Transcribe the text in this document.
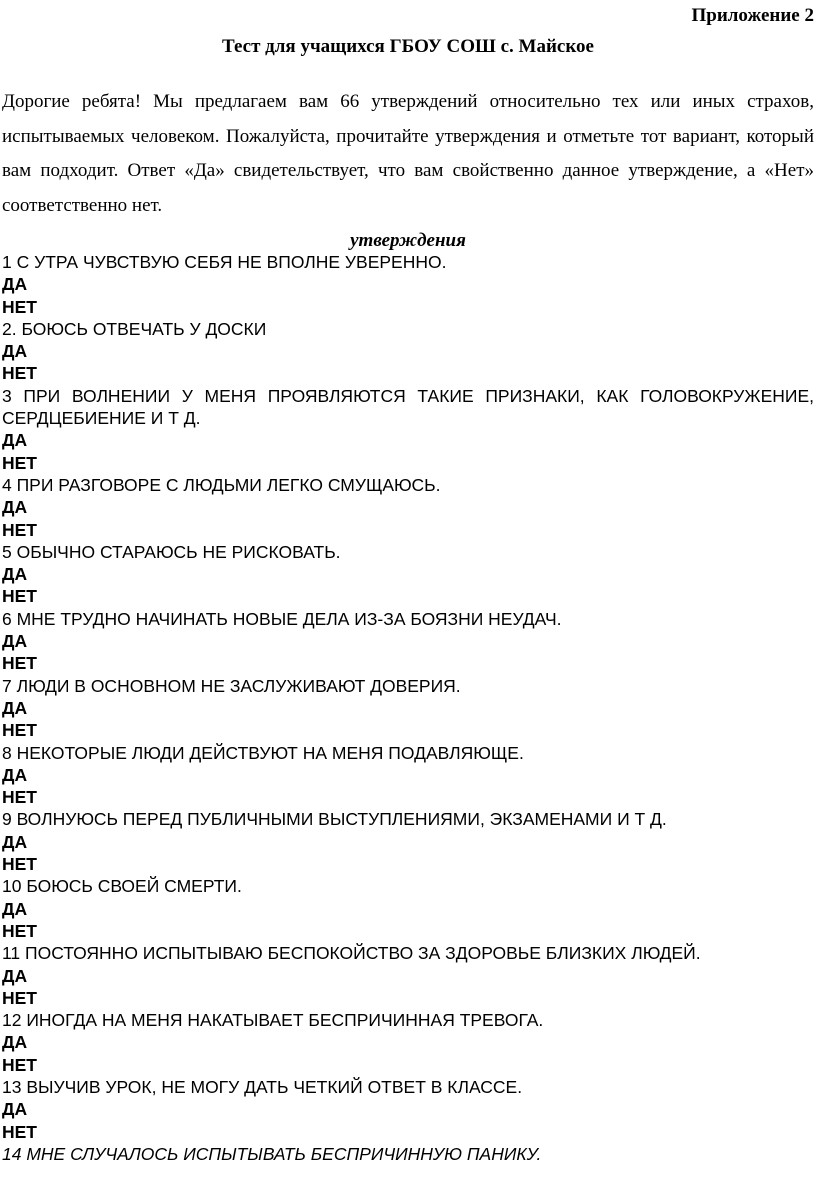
Приложение 2
Тест для учащихся ГБОУ СОШ с. Майское

Дорогие ребята! Мы предлагаем вам 66 утверждений относительно тех или иных страхов, испытываемых человеком. Пожалуйста, прочитайте утверждения и отметьте тот вариант, который вам подходит. Ответ «Да» свидетельствует, что вам свойственно данное утверждение, а «Нет» соответственно нет.

утверждения

1 С УТРА ЧУВСТВУЮ СЕБЯ НЕ ВПОЛНЕ УВЕРЕННО.

ДА

НЕТ

2. БОЮСЬ ОТВЕЧАТЬ У ДОСКИ

ДА

НЕТ

3 ПРИ ВОЛНЕНИИ У МЕНЯ ПРОЯВЛЯЮТСЯ ТАКИЕ ПРИЗНАКИ, КАК ГОЛОВОКРУЖЕНИЕ, СЕРДЦЕБИЕНИЕ И Т Д.

ДА

НЕТ

4 ПРИ РАЗГОВОРЕ С ЛЮДЬМИ ЛЕГКО СМУЩАЮСЬ.

ДА

НЕТ

5 ОБЫЧНО СТАРАЮСЬ НЕ РИСКОВАТЬ.

ДА

НЕТ

6 МНЕ ТРУДНО НАЧИНАТЬ НОВЫЕ ДЕЛА ИЗ-ЗА БОЯЗНИ НЕУДАЧ.

ДА

НЕТ

7 ЛЮДИ В ОСНОВНОМ НЕ ЗАСЛУЖИВАЮТ ДОВЕРИЯ.

ДА

НЕТ

8 НЕКОТОРЫЕ ЛЮДИ ДЕЙСТВУЮТ НА МЕНЯ ПОДАВЛЯЮЩЕ.

ДА

НЕТ

9 ВОЛНУЮСЬ ПЕРЕД ПУБЛИЧНЫМИ ВЫСТУПЛЕНИЯМИ, ЭКЗАМЕНАМИ И Т Д.

ДА

НЕТ

10 БОЮСЬ СВОЕЙ СМЕРТИ.

ДА

НЕТ

11 ПОСТОЯННО ИСПЫТЫВАЮ БЕСПОКОЙСТВО ЗА ЗДОРОВЬЕ БЛИЗКИХ ЛЮДЕЙ.

ДА

НЕТ

12 ИНОГДА НА МЕНЯ НАКАТЫВАЕТ БЕСПРИЧИННАЯ ТРЕВОГА.

ДА

НЕТ

13 ВЫУЧИВ УРОК, НЕ МОГУ ДАТЬ ЧЕТКИЙ ОТВЕТ В КЛАССЕ.

ДА

НЕТ

14 МНЕ СЛУЧАЛОСЬ ИСПЫТЫВАТЬ БЕСПРИЧИННУЮ ПАНИКУ.
